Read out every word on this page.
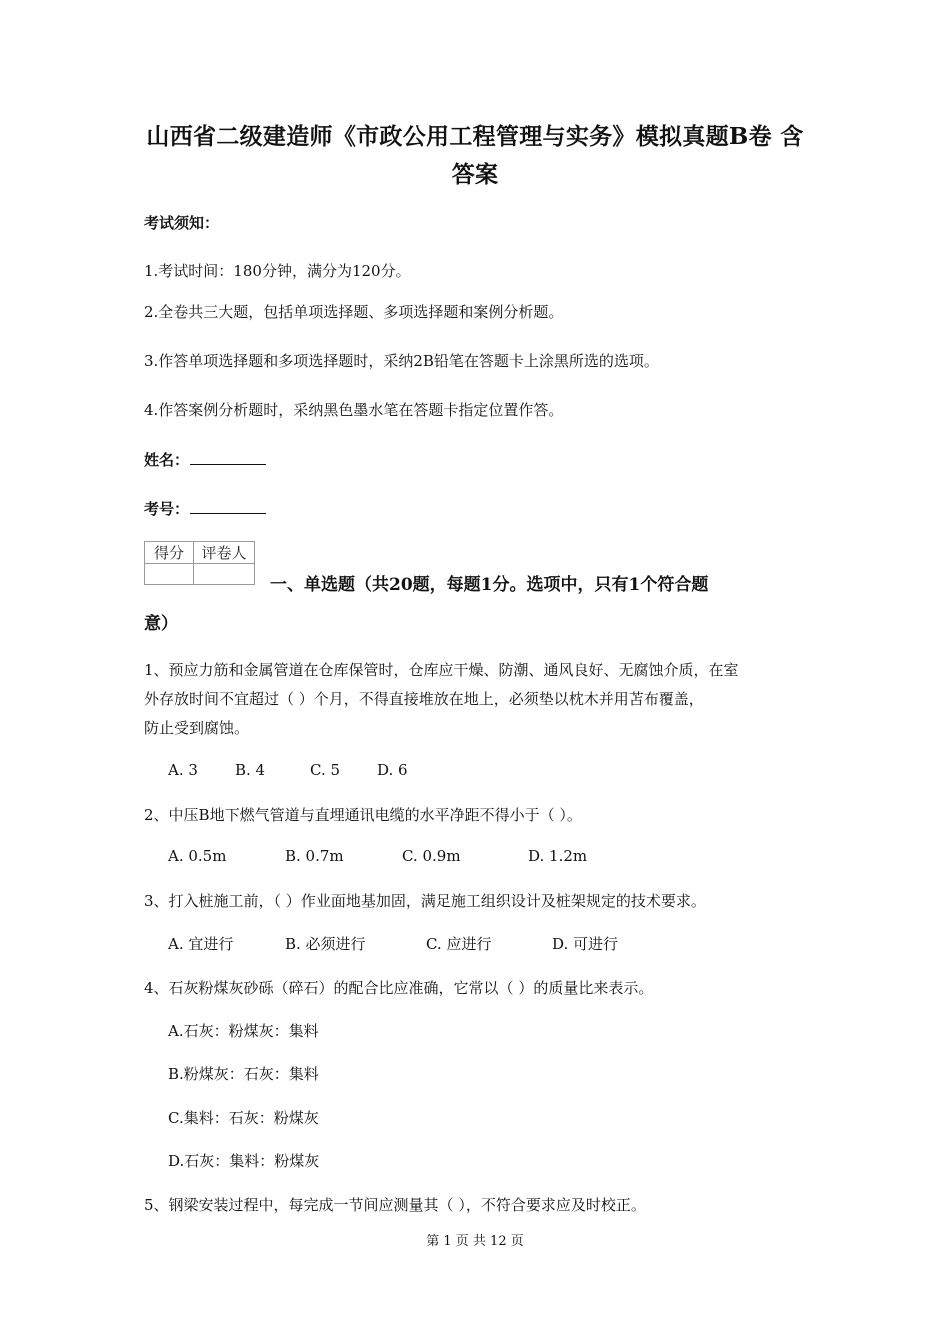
山西省二级建造师《市政公用工程管理与实务》模拟真题B卷 含答案
考试须知：
1.考试时间：180分钟，满分为120分。
2.全卷共三大题，包括单项选择题、多项选择题和案例分析题。
3.作答单项选择题和多项选择题时，采纳2B铅笔在答题卡上涂黑所选的选项。
4.作答案例分析题时，采纳黑色墨水笔在答题卡指定位置作答。
姓名：
考号：
得分	评卷人

一、单选题（共20题，每题1分。选项中，只有1个符合题
意）
1、预应力筋和金属管道在仓库保管时，仓库应干燥、防潮、通风良好、无腐蚀介质，在室
外存放时间不宜超过（ ）个月，不得直接堆放在地上，必须垫以枕木并用苫布覆盖，
防止受到腐蚀。
A. 3 B. 4	C. 5 D. 6
2、中压B地下燃气管道与直埋通讯电缆的水平净距不得小于（ ）。
A. 0.5m	B. 0.7m	C. 0.9m	D. 1.2m
3、打入桩施工前，（ ）作业面地基加固，满足施工组织设计及桩架规定的技术要求。
A. 宜进行	B. 必须进行	C. 应进行	D. 可进行
4、石灰粉煤灰砂砾（碎石）的配合比应准确，它常以（ ）的质量比来表示。
A.石灰：粉煤灰：集料
B.粉煤灰：石灰：集料
C.集料：石灰：粉煤灰
D.石灰：集料：粉煤灰
5、钢梁安装过程中，每完成一节间应测量其（ ），不符合要求应及时校正。
第 1 页 共 12 页
